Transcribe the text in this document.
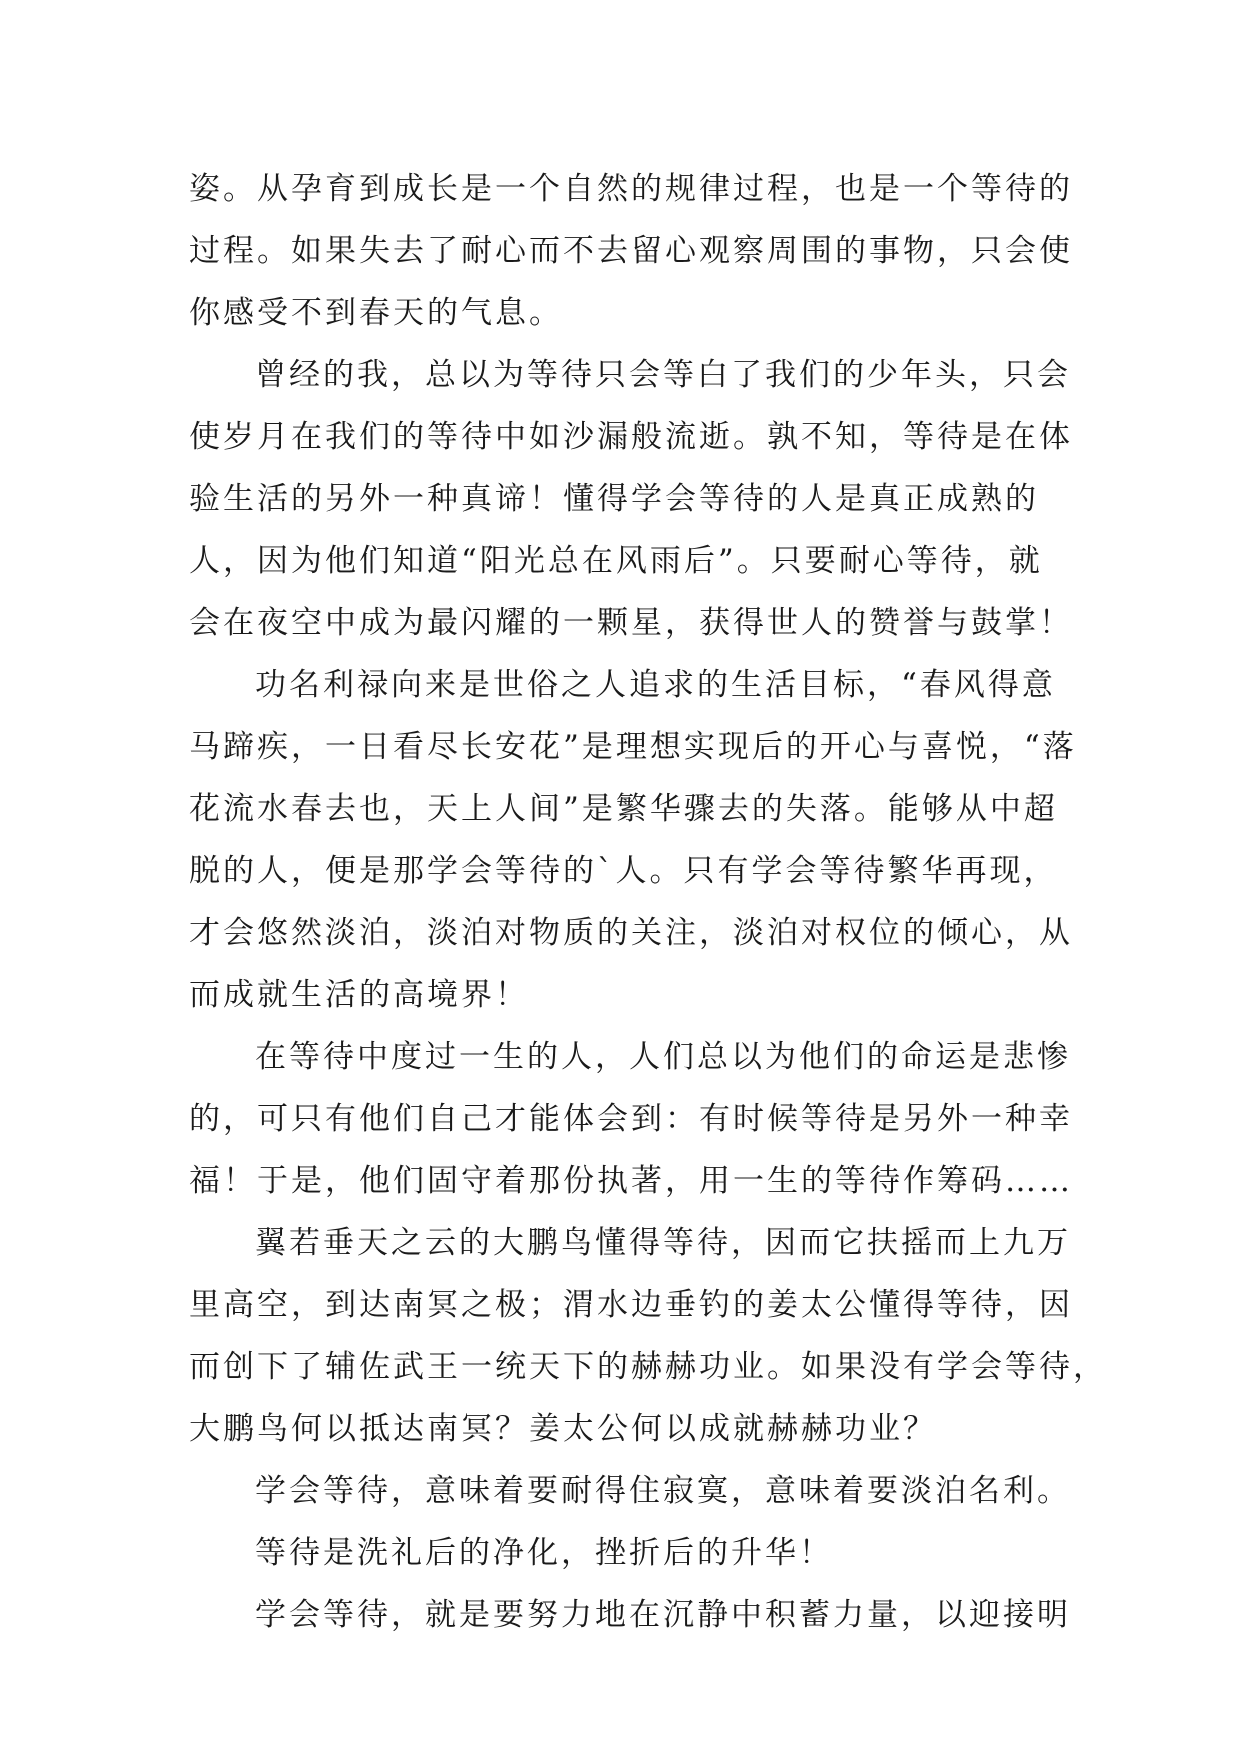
姿。从孕育到成长是一个自然的规律过程，也是一个等待的
过程。如果失去了耐心而不去留心观察周围的事物，只会使
你感受不到春天的气息。
曾经的我，总以为等待只会等白了我们的少年头，只会
使岁月在我们的等待中如沙漏般流逝。孰不知，等待是在体
验生活的另外一种真谛！懂得学会等待的人是真正成熟的
人，因为他们知道“阳光总在风雨后”。只要耐心等待，就
会在夜空中成为最闪耀的一颗星，获得世人的赞誉与鼓掌！
功名利禄向来是世俗之人追求的生活目标，“春风得意
马蹄疾，一日看尽长安花”是理想实现后的开心与喜悦，“落
花流水春去也，天上人间”是繁华骤去的失落。能够从中超
脱的人，便是那学会等待的`人。只有学会等待繁华再现，
才会悠然淡泊，淡泊对物质的关注，淡泊对权位的倾心，从
而成就生活的高境界！
在等待中度过一生的人，人们总以为他们的命运是悲惨
的，可只有他们自己才能体会到：有时候等待是另外一种幸
福！于是，他们固守着那份执著，用一生的等待作筹码……
翼若垂天之云的大鹏鸟懂得等待，因而它扶摇而上九万
里高空，到达南冥之极；渭水边垂钓的姜太公懂得等待，因
而创下了辅佐武王一统天下的赫赫功业。如果没有学会等待，
大鹏鸟何以抵达南冥？姜太公何以成就赫赫功业？
学会等待，意味着要耐得住寂寞，意味着要淡泊名利。
等待是洗礼后的净化，挫折后的升华！
学会等待，就是要努力地在沉静中积蓄力量，以迎接明
